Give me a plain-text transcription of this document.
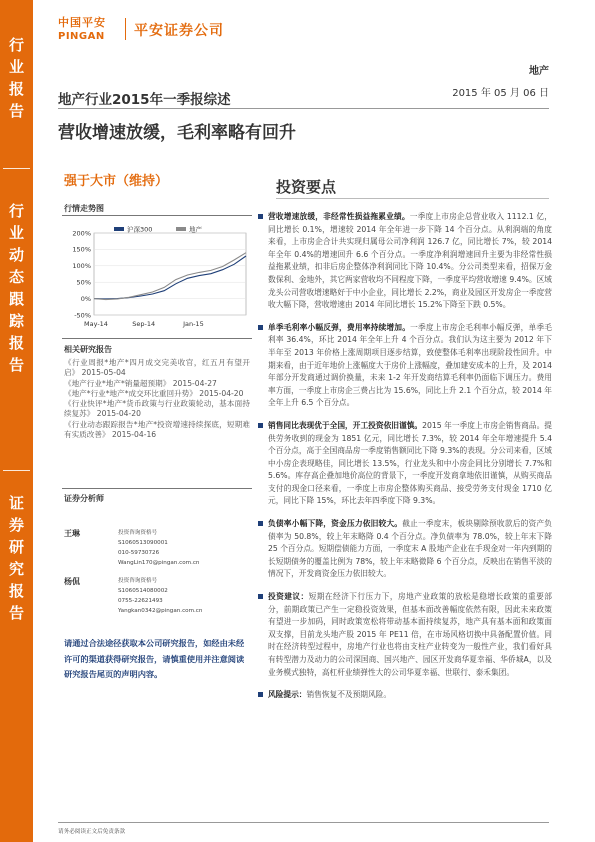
行
业
报
告
行
业
动
态
跟
踪
报
告
证
券
研
究
报
告
中国平安
PINGAN	平安证券公司
地产
地产行业2015年一季报综述	2015 年 05 月 06 日
营收增速放缓，毛利率略有回升
强于大市（维持）	投资要点
行情走势图
200%
150%
100%
50%
0%
-50%
May-14	Sep-14	Jan-15
沪深300	地产
相关研究报告
《行业周报*地产*四月成交完美收官，红五月有望开启》 2015-05-04
《地产行业*地产*销量超预期》 2015-04-27
《地产*行业*地产*成交环比重回升势》 2015-04-20
《行业快评*地产*货币政策与行业政策轮动，基本面持续复苏》 2015-04-20
《行业动态跟踪报告*地产*投资增速持续探底，短期难有实质改善》 2015-04-16
证券分析师
王琳	投资咨询资格号
S1060513090001
010-59730726
WangLin170@pingan.com.cn
杨侃	投资咨询资格号
S1060514080002
0755-22621493
Yangkan0342@pingan.com.cn
请通过合法途径获取本公司研究报告，如经由未经许可的渠道获得研究报告，请慎重使用并注意阅读研究报告尾页的声明内容。
营收增速放缓，非经常性损益拖累业绩。一季度上市房企总营业收入 1112.1 亿，同比增长 0.1%，增速较 2014 年全年进一步下降 14 个百分点。从利润端的角度来看，上市房企合计共实现归属母公司净利润 126.7 亿，同比增长 7%，较 2014 年全年 0.4%的增速回升 6.6 个百分点。一季度净利润增速回升主要为非经常性损益拖累业绩，扣非后房企整体净利润同比下降 10.4%。分公司类型来看，招保万金数保利、金地外，其它两家营收均不同程度下降，一季度平均营收增速 9.4%。区域龙头公司营收增速略好于中小企业，同比增长 2.2%，商业及园区开发房企一季度营收大幅下降，营收增速由 2014 年同比增长 15.2%下降至下跌 0.5%。
单季毛利率小幅反弹，费用率持续增加。一季度上市房企毛利率小幅反弹，单季毛利率 36.4%，环比 2014 年全年上升 4 个百分点。我们认为这主要为 2012 年下半年至 2013 年价格上涨周期项目逐步结算，致使整体毛利率出现阶段性回升。中期来看，由于近年地价上涨幅度大于房价上涨幅度，叠加建安成本的上升，及 2014 年部分开发商通过调价换量，未来 1-2 年开发商结算毛利率仍面临下调压力。费用率方面，一季度上市房企三费占比为 15.6%，同比上升 2.1 个百分点，较 2014 年全年上升 6.5 个百分点。
销售同比表现优于全国，开工投资依旧谨慎。2015 年一季度上市房企销售商品。提供劳务收到的现金为 1851 亿元，同比增长 7.3%，较 2014 年全年增速提升 5.4 个百分点，高于全国商品房一季度销售额同比下降 9.3%的表现。分公司来看，区域中小房企表现略佳，同比增长 13.5%，行业龙头和中小房企同比分别增长 7.7%和 5.6%。库存高企叠加地价高位的背景下，一季度开发商拿地依旧谨慎，从购买商品支付的现金口径来看，一季度上市房企整体购买商品、接受劳务支付现金 1710 亿元，同比下降 15%，环比去年四季度下降 9.3%。
负债率小幅下降，资金压力依旧较大。截止一季度末，板块剔除预收款后的资产负债率为 50.8%，较上年末略降 0.4 个百分点。净负债率为 78.0%，较上年末下降 25 个百分点。短期偿债能力方面，一季度末 A 股地产企业在手现金对一年内到期的长短期债务的覆盖比例为 78%，较上年末略微降 6 个百分点，反映出在销售平淡的情况下，开发商资金压力依旧较大。
投资建议：短期在经济下行压力下，房地产业政策的放松是稳增长政策的重要部分，前期政策已产生一定稳投资效果，但基本面改善幅度依然有限，因此未来政策有望进一步加码，同时政策宽松将带动基本面持续复苏，地产具有基本面和政策面双支撑，目前龙头地产股 2015 年 PE11 倍，在市场风格切换中具备配置价值。同时在经济转型过程中，房地产行业也将由支柱产业转变为一般性产业，我们看好具有转型潜力及动力的公司深国商、国兴地产、园区开发商华夏幸福、华侨城A，以及业务模式独特，高杠杆业绩弹性大的公司华夏幸福、世联行、泰禾集团。
风险提示：销售恢复不及预期风险。
请务必阅读正文后免责条款
